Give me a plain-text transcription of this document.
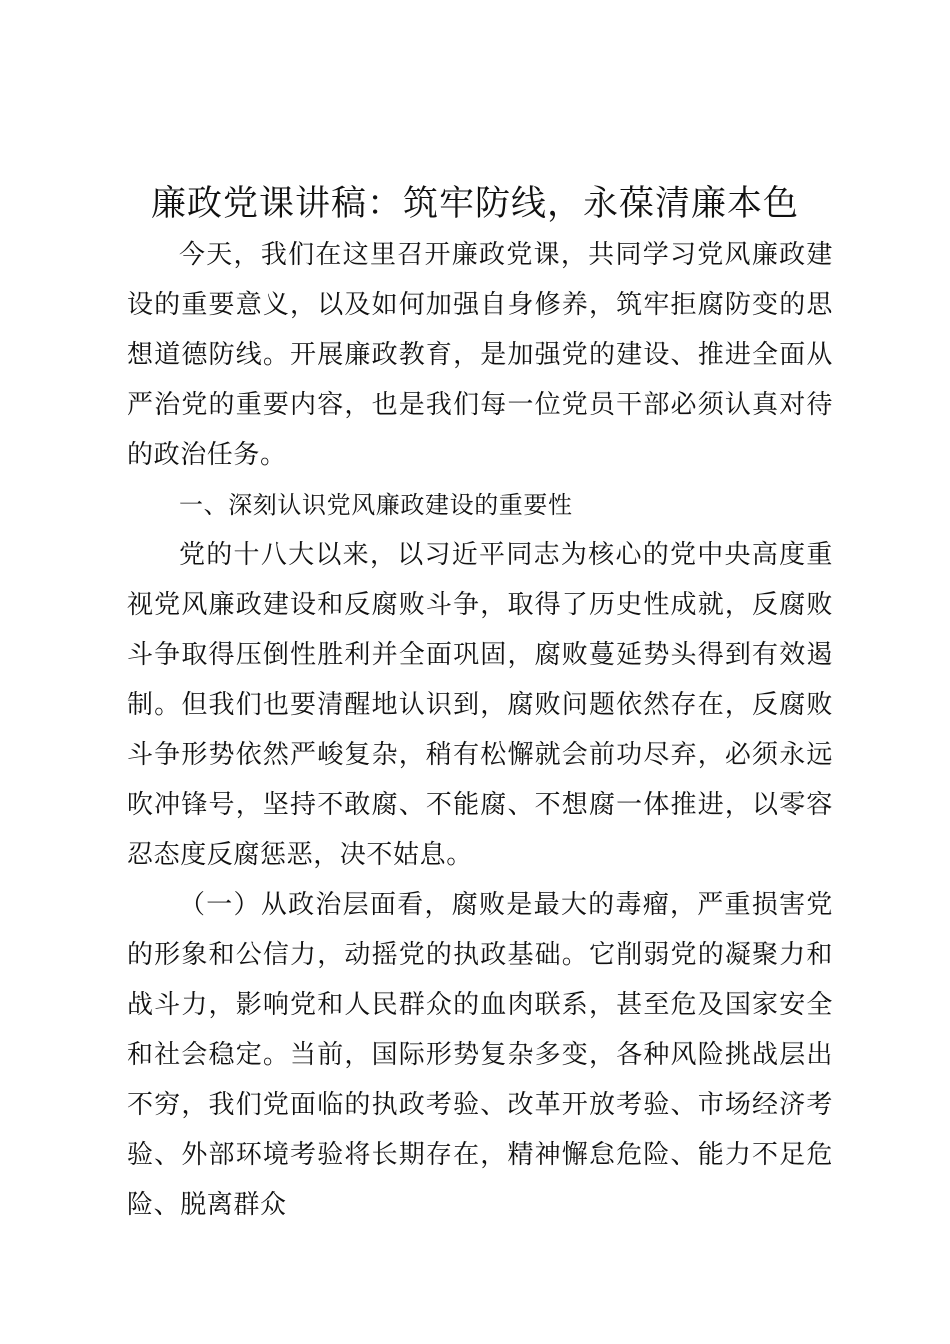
廉政党课讲稿：筑牢防线，永葆清廉本色

今天，我们在这里召开廉政党课，共同学习党风廉政建设的重要意义，以及如何加强自身修养，筑牢拒腐防变的思想道德防线。开展廉政教育，是加强党的建设、推进全面从严治党的重要内容，也是我们每一位党员干部必须认真对待的政治任务。

一、深刻认识党风廉政建设的重要性

党的十八大以来，以习近平同志为核心的党中央高度重视党风廉政建设和反腐败斗争，取得了历史性成就，反腐败斗争取得压倒性胜利并全面巩固，腐败蔓延势头得到有效遏制。但我们也要清醒地认识到，腐败问题依然存在，反腐败斗争形势依然严峻复杂，稍有松懈就会前功尽弃，必须永远吹冲锋号，坚持不敢腐、不能腐、不想腐一体推进，以零容忍态度反腐惩恶，决不姑息。

（一）从政治层面看，腐败是最大的毒瘤，严重损害党的形象和公信力，动摇党的执政基础。它削弱党的凝聚力和战斗力，影响党和人民群众的血肉联系，甚至危及国家安全和社会稳定。当前，国际形势复杂多变，各种风险挑战层出不穷，我们党面临的执政考验、改革开放考验、市场经济考验、外部环境考验将长期存在，精神懈怠危险、能力不足危险、脱离群众
